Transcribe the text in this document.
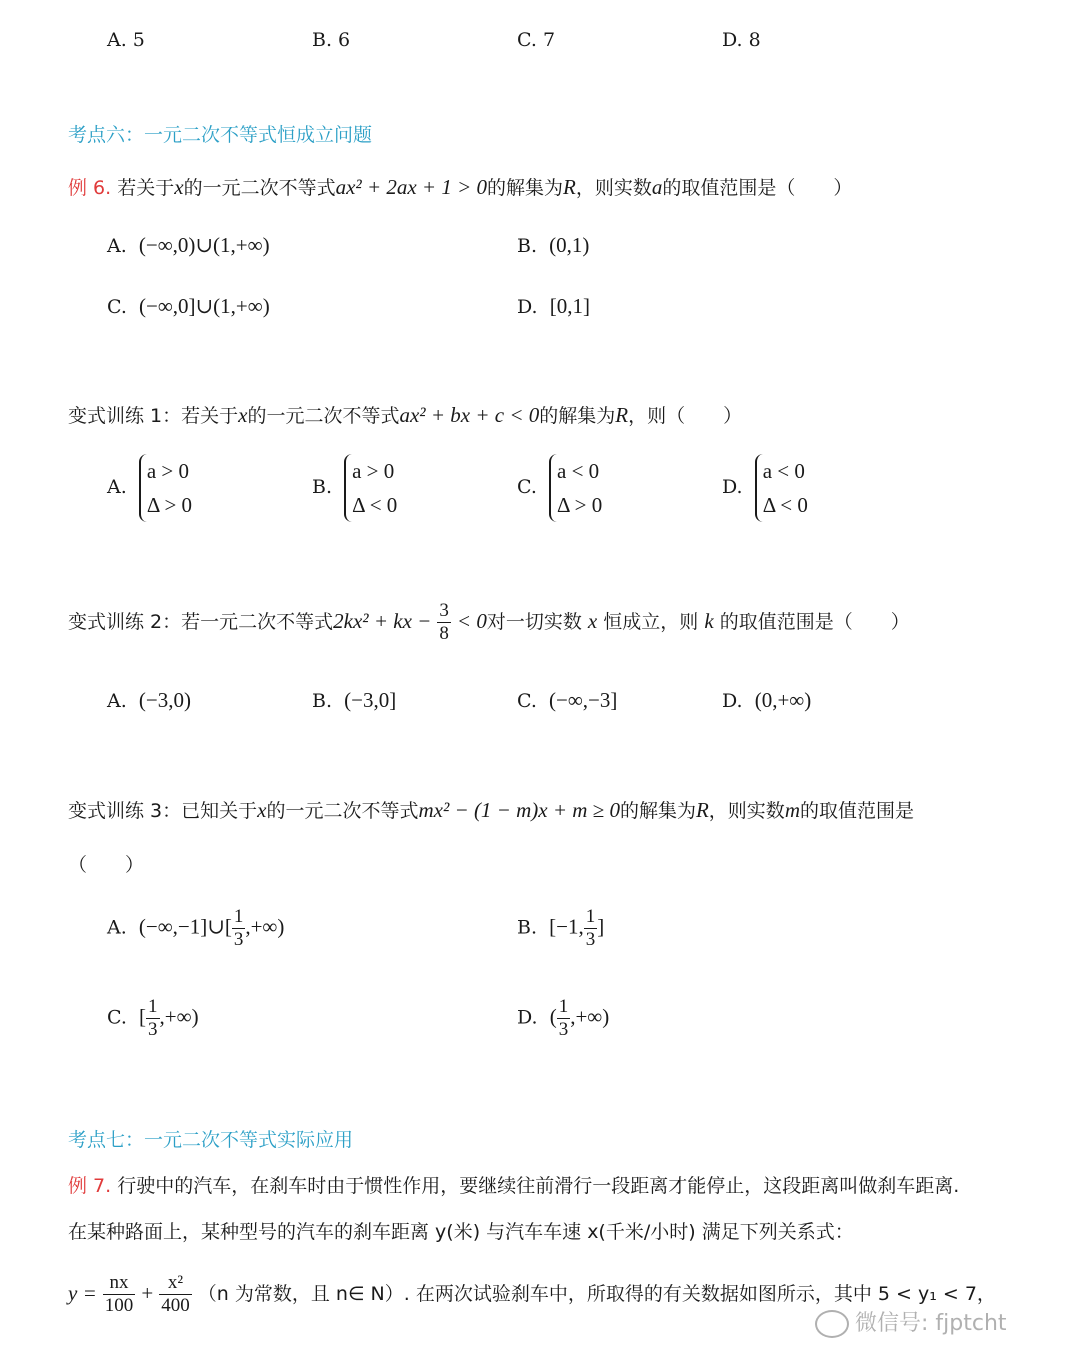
A. 5	B. 6	C. 7	D. 8
考点六：一元二次不等式恒成立问题
例 6. 若关于x的一元二次不等式ax² + 2ax + 1 > 0的解集为R，则实数a的取值范围是（　　）
A. (−∞,0)∪(1,+∞)	B. (0,1)
C. (−∞,0]∪(1,+∞)	D. [0,1]
变式训练 1：若关于x的一元二次不等式ax² + bx + c < 0的解集为R，则（　　）
A.  a > 0
Δ > 0
B.  a > 0
Δ < 0
C.  a < 0
Δ > 0
D.  a < 0
Δ < 0
变式训练 2：若一元二次不等式2kx² + kx − $\frac{3}{8} < 0$对一切实数 x 恒成立，则 k 的取值范围是（　　）
A. (−3,0)	B. (−3,0]	C. (−∞,−3]	D. (0,+∞)
变式训练 3：已知关于x的一元二次不等式mx² − (1 − m)x + m ≥ 0的解集为R，则实数m的取值范围是
（　　）
A. (−∞,−1]∪[ $\frac{1}{3}$ ,+∞)	B. [−1, $\frac{1}{3}$ ]
C. [ $\frac{1}{3}$ ,+∞)	D. ( $\frac{1}{3}$ ,+∞)
考点七：一元二次不等式实际应用
例 7. 行驶中的汽车，在刹车时由于惯性作用，要继续往前滑行一段距离才能停止，这段距离叫做刹车距离.
在某种路面上，某种型号的汽车的刹车距离 y(米) 与汽车车速 x(千米/小时) 满足下列关系式：
$y = \frac{nx}{100} + \frac{\text{x²}}{400} (n$ 为常数，且 n∈ N）. 在两次试验刹车中，所取得的有关数据如图所示，其中 5 < y₁ < 7，
微信号: fjptcht
